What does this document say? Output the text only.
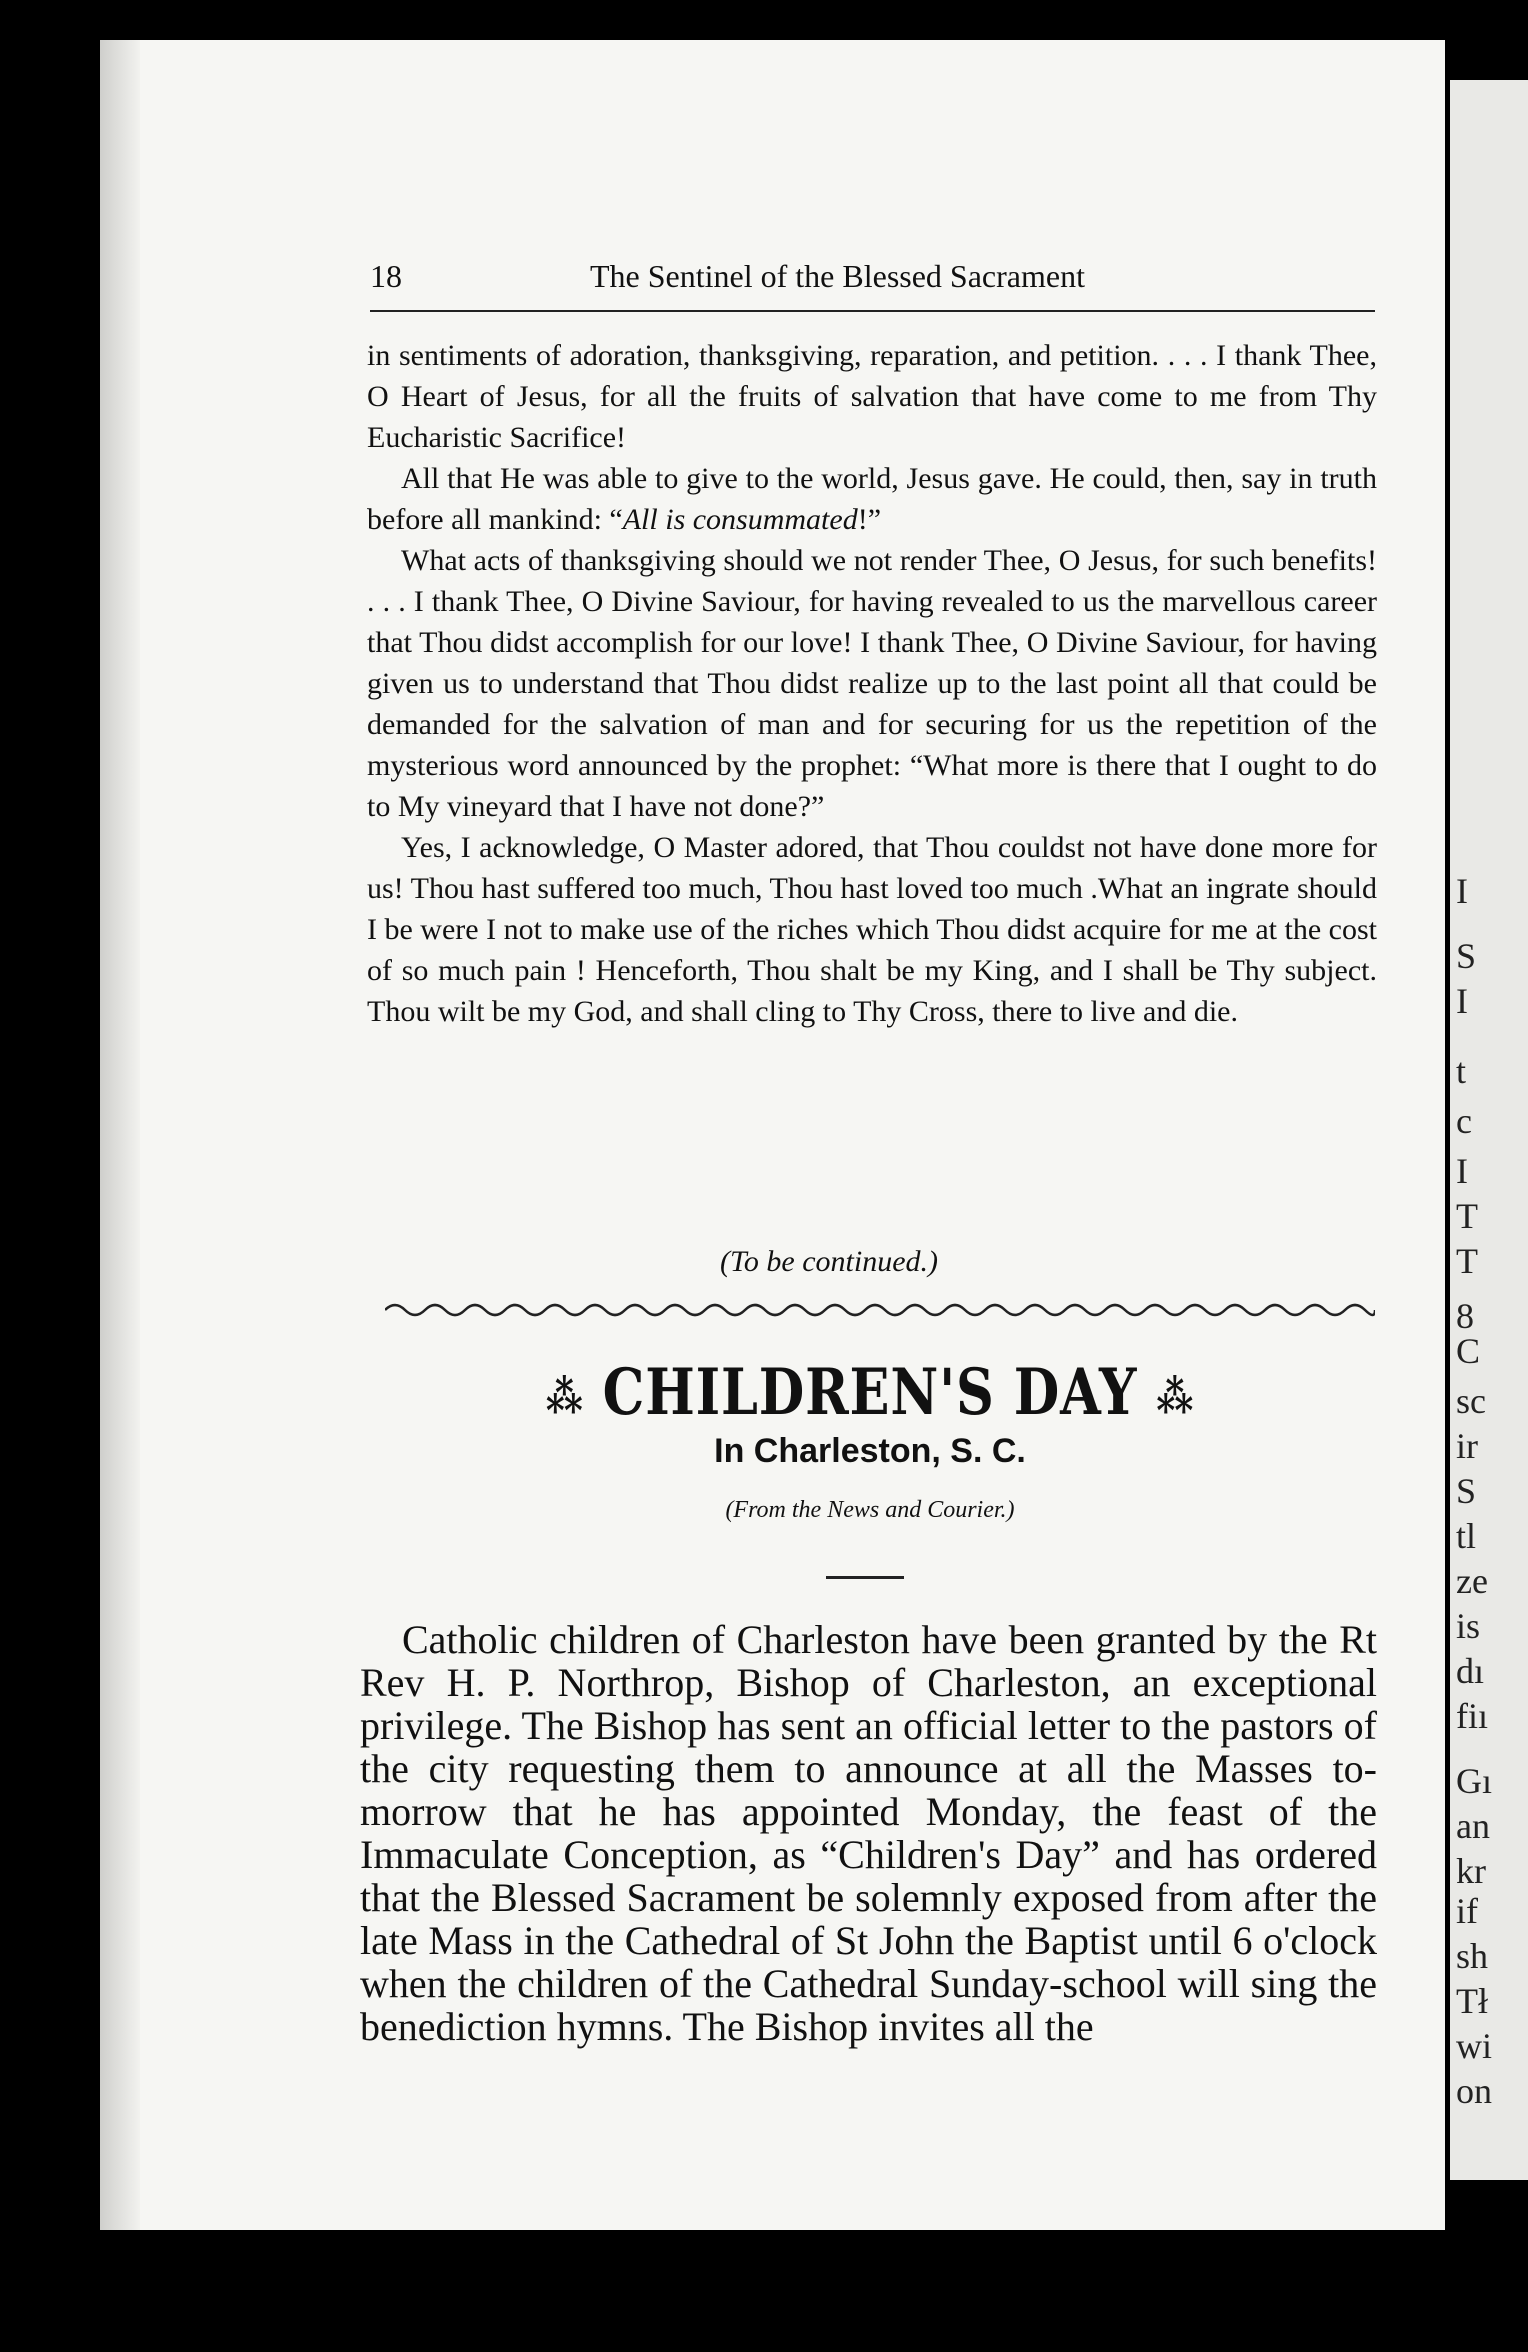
I
S
I
t
c
I
T
T
8
C
sc
ir
S
tl
ze
is
dı
fiı
Gı
an
kr
if
sh
Tł
wi
on
18	The Sentinel of the Blessed Sacrament

in sentiments of adoration, thanksgiving, reparation, and petition. . . . I thank Thee, O Heart of Jesus, for all the fruits of salvation that have come to me from Thy Eucharistic Sacrifice!

All that He was able to give to the world, Jesus gave. He could, then, say in truth before all mankind: “All is consummated!”

What acts of thanksgiving should we not render Thee, O Jesus, for such benefits! . . . I thank Thee, O Divine Saviour, for having revealed to us the marvellous career that Thou didst accomplish for our love! I thank Thee, O Divine Saviour, for having given us to understand that Thou didst realize up to the last point all that could be demanded for the salvation of man and for securing for us the repetition of the mysterious word announced by the prophet: “What more is there that I ought to do to My vineyard that I have not done?”

Yes, I acknowledge, O Master adored, that Thou couldst not have done more for us! Thou hast suffered too much, Thou hast loved too much .What an ingrate should I be were I not to make use of the riches which Thou didst acquire for me at the cost of so much pain ! Henceforth, Thou shalt be my King, and I shall be Thy subject. Thou wilt be my God, and shall cling to Thy Cross, there to live and die.

(To be continued.)
⁂ CHILDREN'S DAY ⁂
In Charleston, S. C.
(From the News and Courier.)

Catholic children of Charleston have been granted by the Rt Rev H. P. Northrop, Bishop of Charleston, an exceptional privilege. The Bishop has sent an official letter to the pastors of the city requesting them to announce at all the Masses to-morrow that he has appointed Monday, the feast of the Immaculate Conception, as “Children's Day” and has ordered that the Blessed Sacrament be solemnly exposed from after the late Mass in the Cathedral of St John the Baptist until 6 o'clock when the children of the Cathedral Sunday-school will sing the benediction hymns. The Bishop invites all the
